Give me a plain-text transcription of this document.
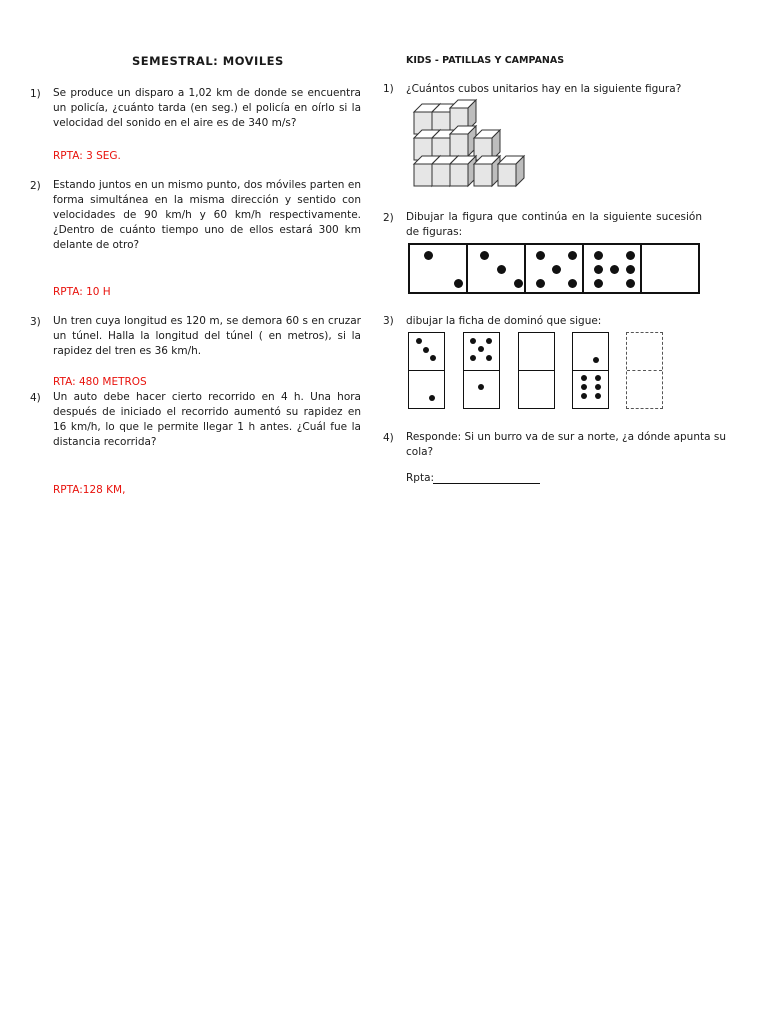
SEMESTRAL: MOVILES
1)	Se produce un disparo a 1,02 km de donde se encuentra un policía, ¿cuánto tarda (en seg.) el policía en oírlo si la velocidad del sonido en el aire es de 340 m/s?
RPTA: 3 SEG.
2)	Estando juntos en un mismo punto, dos móviles parten en forma simultánea en la misma dirección y sentido con velocidades de 90 km/h y 60 km/h respectivamente. ¿Dentro de cuánto tiempo uno de ellos estará 300 km delante de otro?
RPTA: 10 H
3)	Un tren cuya longitud es 120 m, se demora 60 s en cruzar un túnel. Halla la longitud del túnel ( en metros), si la rapidez del tren es 36 km/h.
RTA: 480 METROS
4)	Un auto debe hacer cierto recorrido en 4 h. Una hora después de iniciado el recorrido aumentó su rapidez en 16 km/h, lo que le permite llegar 1 h antes. ¿Cuál fue la distancia recorrida?
RPTA:128 KM,
KIDS - PATILLAS Y CAMPANAS
1)	¿Cuántos cubos unitarios hay en la siguiente figura?
2)	Dibujar la figura que continúa en la siguiente sucesión de figuras:
3)	dibujar la ficha de dominó que sigue:
4)	Responde: Si un burro va de sur a norte, ¿a dónde apunta su cola?
Rpta:
